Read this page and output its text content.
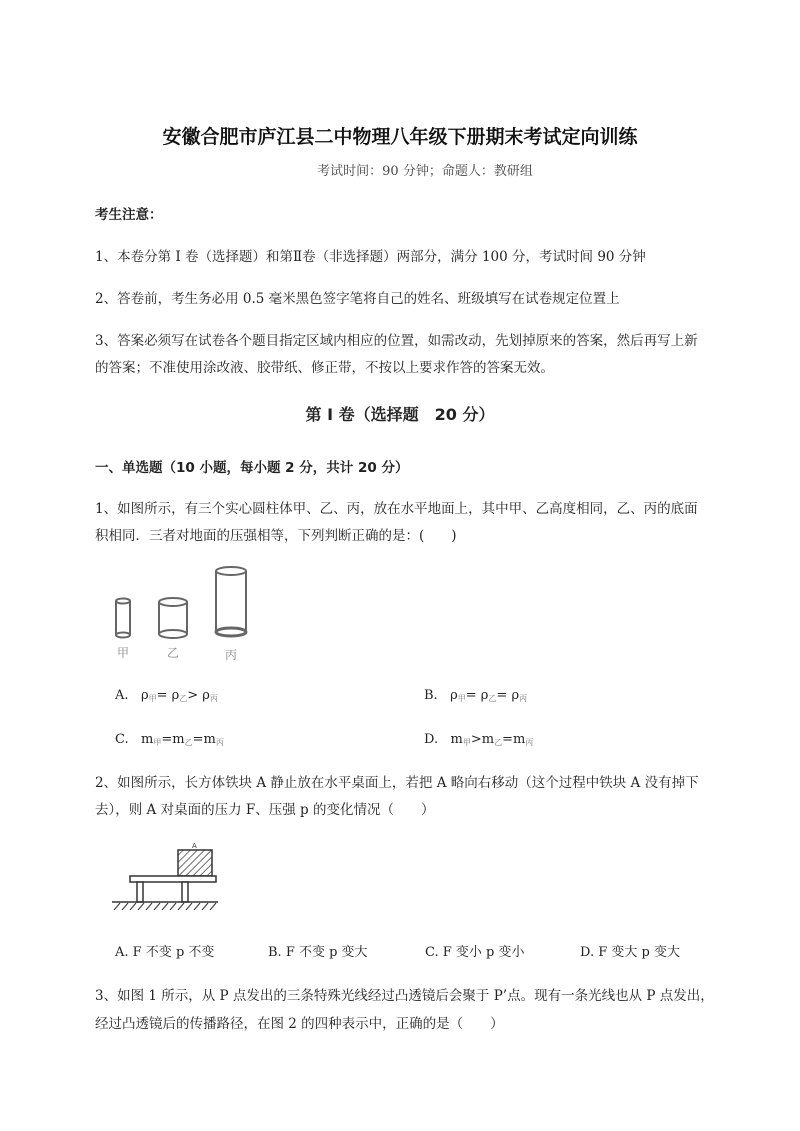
安徽合肥市庐江县二中物理八年级下册期末考试定向训练
考试时间：90 分钟；命题人：教研组
考生注意：
1、本卷分第 I 卷（选择题）和第Ⅱ卷（非选择题）两部分，满分 100 分，考试时间 90 分钟
2、答卷前，考生务必用 0.5 毫米黑色签字笔将自己的姓名、班级填写在试卷规定位置上
3、答案必须写在试卷各个题目指定区域内相应的位置，如需改动，先划掉原来的答案，然后再写上新
的答案；不准使用涂改液、胶带纸、修正带，不按以上要求作答的答案无效。
第 I 卷（选择题　20 分）
一、单选题（10 小题，每小题 2 分，共计 20 分）
1、如图所示，有三个实心圆柱体甲、乙、丙，放在水平地面上，其中甲、乙高度相同，乙、丙的底面
积相同．三者对地面的压强相等，下列判断正确的是：(　　)
甲	乙	丙
A. ρ甲= ρ乙> ρ丙	B. ρ甲= ρ乙= ρ丙
C. m甲=m乙=m丙	D. m甲>m乙=m丙
2、如图所示，长方体铁块 A 静止放在水平桌面上，若把 A 略向右移动（这个过程中铁块 A 没有掉下
去），则 A 对桌面的压力 F、压强 p 的变化情况（　　）
A
A. F 不变 p 不变	B. F 不变 p 变大	C. F 变小 p 变小	D. F 变大 p 变大
3、如图 1 所示，从 P 点发出的三条特殊光线经过凸透镜后会聚于 P’点。现有一条光线也从 P 点发出，
经过凸透镜后的传播路径，在图 2 的四种表示中，正确的是（　　）
